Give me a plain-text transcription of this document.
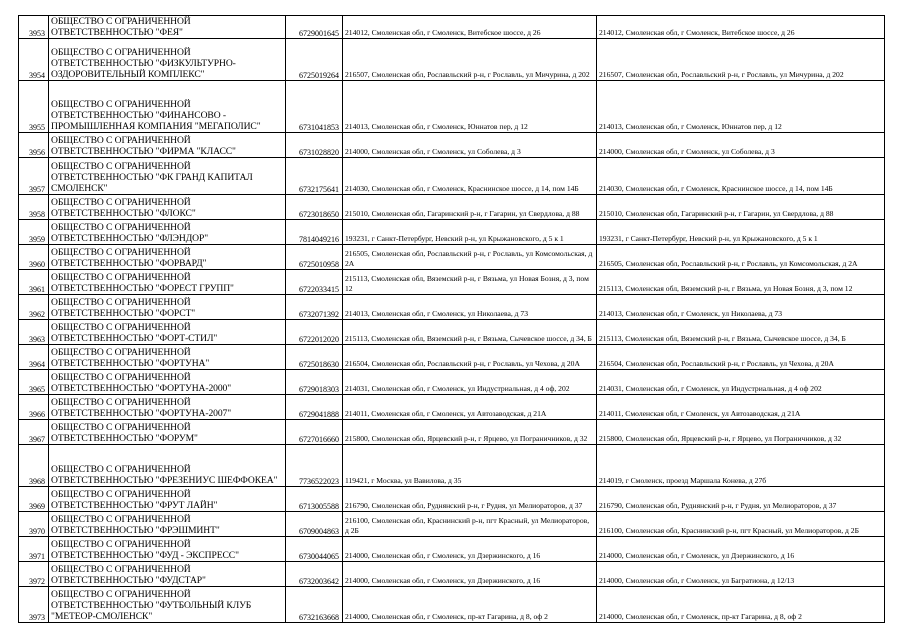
3953	ОБЩЕСТВО С ОГРАНИЧЕННОЙ ОТВЕТСТВЕННОСТЬЮ "ФЕЯ"	6729001645	214012, Смоленская обл, г Смоленск, Витебское шоссе, д 26	214012, Смоленская обл, г Смоленск, Витебское шоссе, д 26
3954	ОБЩЕСТВО С ОГРАНИЧЕННОЙ ОТВЕТСТВЕННОСТЬЮ "ФИЗКУЛЬТУРНО-ОЗДОРОВИТЕЛЬНЫЙ КОМПЛЕКС"	6725019264	216507, Смоленская обл, Рославльский р-н, г Рославль, ул Мичурина, д 202	216507, Смоленская обл, Рославльский р-н, г Рославль, ул Мичурина, д 202
3955	ОБЩЕСТВО С ОГРАНИЧЕННОЙ ОТВЕТСТВЕННОСТЬЮ "ФИНАНСОВО - ПРОМЫШЛЕННАЯ КОМПАНИЯ "МЕГАПОЛИС"	6731041853	214013, Смоленская обл, г Смоленск, Юннатов пер, д 12	214013, Смоленская обл, г Смоленск, Юннатов пер, д 12
3956	ОБЩЕСТВО С ОГРАНИЧЕННОЙ ОТВЕТСТВЕННОСТЬЮ "ФИРМА "КЛАСС"	6731028820	214000, Смоленская обл, г Смоленск, ул Соболева, д 3	214000, Смоленская обл, г Смоленск, ул Соболева, д 3
3957	ОБЩЕСТВО С ОГРАНИЧЕННОЙ ОТВЕТСТВЕННОСТЬЮ "ФК ГРАНД КАПИТАЛ СМОЛЕНСК"	6732175641	214030, Смоленская обл, г Смоленск, Краснинское шоссе, д 14, пом 14Б	214030, Смоленская обл, г Смоленск, Краснинское шоссе, д 14, пом 14Б
3958	ОБЩЕСТВО С ОГРАНИЧЕННОЙ ОТВЕТСТВЕННОСТЬЮ "ФЛОКС"	6723018650	215010, Смоленская обл, Гагаринский р-н, г Гагарин, ул Свердлова, д 88	215010, Смоленская обл, Гагаринский р-н, г Гагарин, ул Свердлова, д 88
3959	ОБЩЕСТВО С ОГРАНИЧЕННОЙ ОТВЕТСТВЕННОСТЬЮ "ФЛЭНДОР"	7814049216	193231, г Санкт-Петербург, Невский р-н, ул Крыжановского, д 5 к 1	193231, г Санкт-Петербург, Невский р-н, ул Крыжановского, д 5 к 1
3960	ОБЩЕСТВО С ОГРАНИЧЕННОЙ ОТВЕТСТВЕННОСТЬЮ "ФОРВАРД"	6725010958	216505, Смоленская обл, Рославльский р-н, г Рославль, ул Комсомольская, д 2А	216505, Смоленская обл, Рославльский р-н, г Рославль, ул Комсомольская, д 2А
3961	ОБЩЕСТВО С ОГРАНИЧЕННОЙ ОТВЕТСТВЕННОСТЬЮ "ФОРЕСТ ГРУПП"	6722033415	215113, Смоленская обл, Вяземский р-н, г Вязьма, ул Новая Бозня, д 3, пом 12	215113, Смоленская обл, Вяземский р-н, г Вязьма, ул Новая Бозня, д 3, пом 12
3962	ОБЩЕСТВО С ОГРАНИЧЕННОЙ ОТВЕТСТВЕННОСТЬЮ "ФОРСТ"	6732071392	214013, Смоленская обл, г Смоленск, ул Николаева, д 73	214013, Смоленская обл, г Смоленск, ул Николаева, д 73
3963	ОБЩЕСТВО С ОГРАНИЧЕННОЙ ОТВЕТСТВЕННОСТЬЮ "ФОРТ-СТИЛ"	6722012020	215113, Смоленская обл, Вяземский р-н, г Вязьма, Сычевское шоссе, д 34, Б	215113, Смоленская обл, Вяземский р-н, г Вязьма, Сычевское шоссе, д 34, Б
3964	ОБЩЕСТВО С ОГРАНИЧЕННОЙ ОТВЕТСТВЕННОСТЬЮ "ФОРТУНА"	6725018630	216504, Смоленская обл, Рославльский р-н, г Рославль, ул Чехова, д 20А	216504, Смоленская обл, Рославльский р-н, г Рославль, ул Чехова, д 20А
3965	ОБЩЕСТВО С ОГРАНИЧЕННОЙ ОТВЕТСТВЕННОСТЬЮ "ФОРТУНА-2000"	6729018303	214031, Смоленская обл, г Смоленск, ул Индустриальная, д 4 оф, 202	214031, Смоленская обл, г Смоленск, ул Индустриальная, д 4 оф 202
3966	ОБЩЕСТВО С ОГРАНИЧЕННОЙ ОТВЕТСТВЕННОСТЬЮ "ФОРТУНА-2007"	6729041888	214011, Смоленская обл, г Смоленск, ул Автозаводская, д 21А	214011, Смоленская обл, г Смоленск, ул Автозаводская, д 21А
3967	ОБЩЕСТВО С ОГРАНИЧЕННОЙ ОТВЕТСТВЕННОСТЬЮ "ФОРУМ"	6727016660	215800, Смоленская обл, Ярцевский р-н, г Ярцево, ул Пограничников, д 32	215800, Смоленская обл, Ярцевский р-н, г Ярцево, ул Пограничников, д 32
3968	ОБЩЕСТВО С ОГРАНИЧЕННОЙ ОТВЕТСТВЕННОСТЬЮ "ФРЕЗЕНИУС ШЕФФОКЕА"	7736522023	119421, г Москва, ул Вавилова, д 35	214019, г Смоленск, проезд Маршала Конева, д 27б
3969	ОБЩЕСТВО С ОГРАНИЧЕННОЙ ОТВЕТСТВЕННОСТЬЮ "ФРУТ ЛАЙН"	6713005588	216790, Смоленская обл, Руднянский р-н, г Рудня, ул Мелиораторов, д 37	216790, Смоленская обл, Руднянский р-н, г Рудня, ул Мелиораторов, д 37
3970	ОБЩЕСТВО С ОГРАНИЧЕННОЙ ОТВЕТСТВЕННОСТЬЮ "ФРЭШМИНТ"	6709004863	216100, Смоленская обл, Краснинский р-н, пгт Красный, ул Мелиораторов, д 2Б	216100, Смоленская обл, Краснинский р-н, пгт Красный, ул Мелиораторов, д 2Б
3971	ОБЩЕСТВО С ОГРАНИЧЕННОЙ ОТВЕТСТВЕННОСТЬЮ "ФУД - ЭКСПРЕСС"	6730044065	214000, Смоленская обл, г Смоленск, ул Дзержинского, д 16	214000, Смоленская обл, г Смоленск, ул Дзержинского, д 16
3972	ОБЩЕСТВО С ОГРАНИЧЕННОЙ ОТВЕТСТВЕННОСТЬЮ "ФУДСТАР"	6732003642	214000, Смоленская обл, г Смоленск, ул Дзержинского, д 16	214000, Смоленская обл, г Смоленск, ул Багратиона, д 12/13
3973	ОБЩЕСТВО С ОГРАНИЧЕННОЙ ОТВЕТСТВЕННОСТЬЮ "ФУТБОЛЬНЫЙ КЛУБ "МЕТЕОР-СМОЛЕНСК"	6732163668	214000, Смоленская обл, г Смоленск, пр-кт Гагарина, д 8, оф 2	214000, Смоленская обл, г Смоленск, пр-кт Гагарина, д 8, оф 2
